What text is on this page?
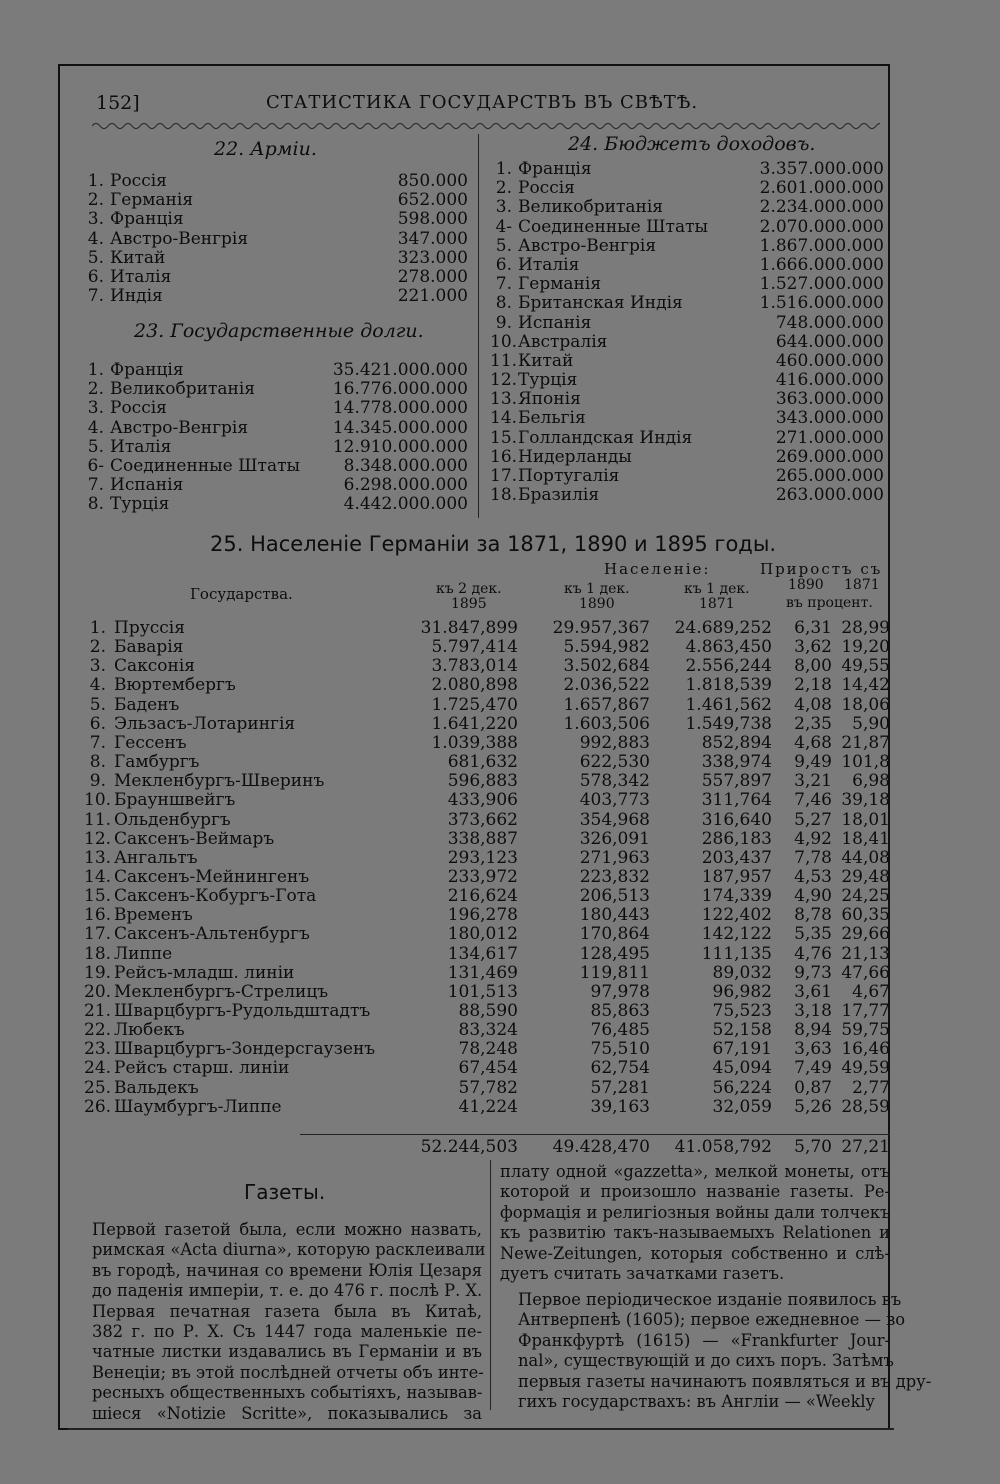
152]	СТАТИСТИКА ГОСУДАРСТВЪ ВЪ СВѢТѢ.
22. Арміи.
1. Россія	850.000
2. Германія	652.000
3. Франція	598.000
4. Австро-Венгрія	347.000
5. Китай	323.000
6. Италія	278.000
7. Индія	221.000
23. Государственные долги.
1. Франція	35.421.000.000
2. Великобританія	16.776.000.000
3. Россія	14.778.000.000
4. Австро-Венгрія	14.345.000.000
5. Италія	12.910.000.000
6- Соединенные Штаты	8.348.000.000
7. Испанія	6.298.000.000
8. Турція	4.442.000.000
24. Бюджетъ доходовъ.
1. Франція	3.357.000.000
2. Россія	2.601.000.000
3. Великобританія	2.234.000.000
4- Соединенные Штаты	2.070.000.000
5. Австро-Венгрія	1.867.000.000
6. Италія	1.666.000.000
7. Германія	1.527.000.000
8. Британская Индія	1.516.000.000
9. Испанія	748.000.000
10. Австралія	644.000.000
11. Китай	460.000.000
12. Турція	416.000.000
13. Японія	363.000.000
14. Бельгія	343.000.000
15. Голландская Индія	271.000.000
16. Нидерланды	269.000.000
17. Португалія	265.000.000
18. Бразилія	263.000.000
25. Населеніе Германіи за 1871, 1890 и 1895 годы.
Государства.
Населеніе:	Приростъ съ
къ 2 дек.
1895
къ 1 дек.
1890
къ 1 дек.
1871
1890 1871
въ процент.
1. Пруссія	31.847,899 29.957,367 24.689,252 6,31 28,99
2. Баварія	5.797,414	5.594,982 4.863,450 3,62 19,20
3. Саксонія	3.783,014	3.502,684 2.556,244 8,00 49,55
4. Вюртембергъ	2.080,898	2.036,522 1.818,539 2,18 14,42
5. Баденъ	1.725,470	1.657,867 1.461,562 4,08 18,06
6. Эльзасъ-Лотарингія	1.641,220	1.603,506 1.549,738 2,35 5,90
7. Гессенъ	1.039,388	992,883	852,894 4,68 21,87
8. Гамбургъ	681,632	622,530	338,974 9,49 101,8
9. Мекленбургъ-Шверинъ	596,883	578,342	557,897 3,21 6,98
10. Брауншвейгъ	433,906	403,773	311,764 7,46 39,18
11. Ольденбургъ	373,662	354,968	316,640 5,27 18,01
12. Саксенъ-Веймаръ	338,887	326,091	286,183 4,92 18,41
13. Ангальтъ	293,123	271,963	203,437 7,78 44,08
14. Саксенъ-Мейнингенъ	233,972	223,832	187,957 4,53 29,48
15. Саксенъ-Кобургъ-Гота	216,624	206,513	174,339 4,90 24,25
16. Временъ	196,278	180,443	122,402 8,78 60,35
17. Саксенъ-Альтенбургъ	180,012	170,864	142,122 5,35 29,66
18. Липпе	134,617	128,495	111,135 4,76 21,13
19. Рейсъ-младш. линіи	131,469	119,811	89,032 9,73 47,66
20. Мекленбургъ-Стрелицъ	101,513	97,978	96,982 3,61 4,67
21. Шварцбургъ-Рудольдштадтъ	88,590	85,863	75,523 3,18 17,77
22. Любекъ	83,324	76,485	52,158 8,94 59,75
23. Шварцбургъ-Зондерсгаузенъ	78,248	75,510	67,191 3,63 16,46
24. Рейсъ старш. линіи	67,454	62,754	45,094 7,49 49,59
25. Вальдекъ	57,782	57,281	56,224 0,87 2,77
26. Шаумбургъ-Липпе	41,224	39,163	32,059 5,26 28,59
52.244,503 49.428,470 41.058,792 5,70 27,21
Газеты.
Первой газетой была, если можно назвать,
римская «Acta diurna», которую расклеивали
въ городѣ, начиная со времени Юлія Цезаря
до паденія имперіи, т. е. до 476 г. послѣ Р. Х.
Первая печатная газета была въ Китаѣ,
382 г. по Р. Х. Съ 1447 года маленькіе пе-
чатные листки издавались въ Германіи и въ
Венеціи; въ этой послѣдней отчеты объ инте-
ресныхъ общественныхъ событіяхъ, называв-
шіеся «Notizie Scritte», показывались за
плату одной «gazzetta», мелкой монеты, отъ
которой и произошло названіе газеты. Ре-
формація и религіозныя войны дали толчекъ
къ развитію такъ-называемыхъ Relationen и
Newe-Zeitungen, которыя собственно и слѣ-
дуетъ считать зачатками газетъ.
Первое періодическое изданіе появилось въ
Антверпенѣ (1605); первое ежедневное — во
Франкфуртѣ (1615) — «Frankfurter Jour-
nal», существующій и до сихъ поръ. Затѣмъ
первыя газеты начинаютъ появляться и въ дру-
гихъ государствахъ: въ Англіи — «Weekly
